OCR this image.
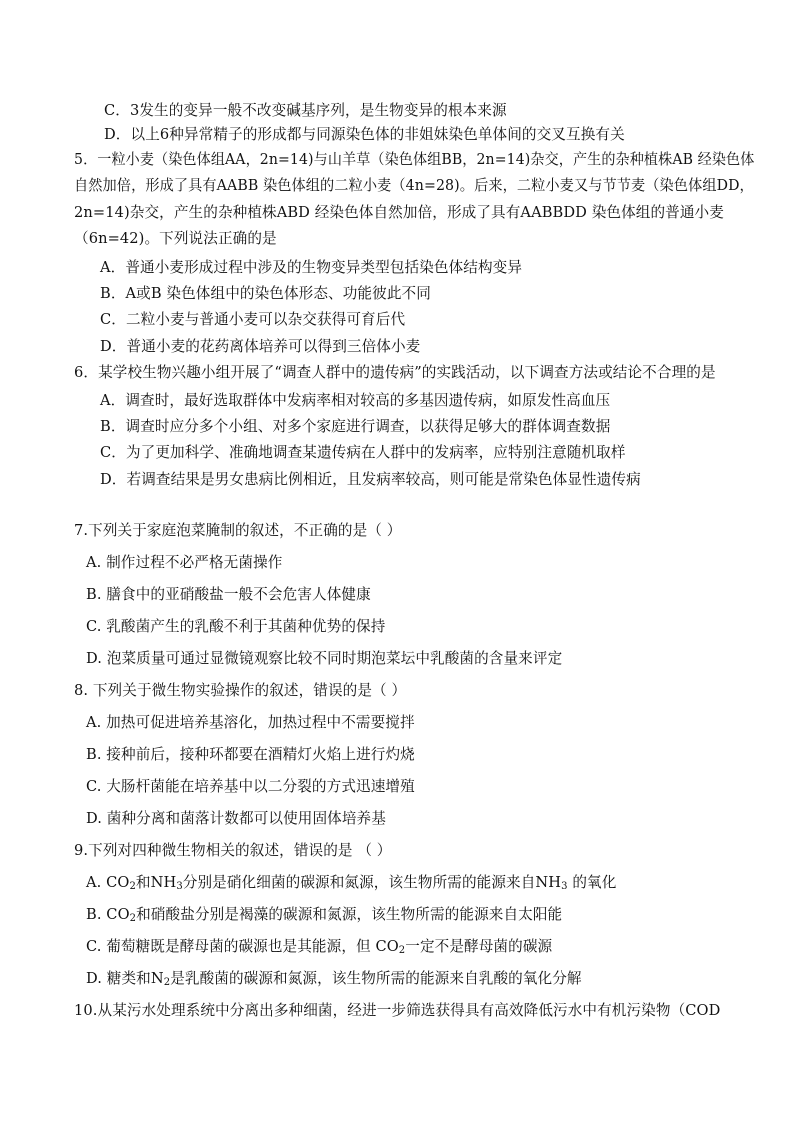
C．3发生的变异一般不改变碱基序列，是生物变异的根本来源
D．以上6种异常精子的形成都与同源染色体的非姐妹染色单体间的交叉互换有关
5．一粒小麦（染色体组AA，2n=14)与山羊草（染色体组BB，2n=14)杂交，产生的杂种植株AB 经染色体
自然加倍，形成了具有AABB 染色体组的二粒小麦（4n=28)。后来，二粒小麦又与节节麦（染色体组DD，
2n=14)杂交，产生的杂种植株ABD 经染色体自然加倍，形成了具有AABBDD 染色体组的普通小麦
（6n=42)。下列说法正确的是
A．普通小麦形成过程中涉及的生物变异类型包括染色体结构变异
B．A或B 染色体组中的染色体形态、功能彼此不同
C．二粒小麦与普通小麦可以杂交获得可育后代
D．普通小麦的花药离体培养可以得到三倍体小麦
6．某学校生物兴趣小组开展了“调查人群中的遗传病”的实践活动，以下调查方法或结论不合理的是
A．调查时，最好选取群体中发病率相对较高的多基因遗传病，如原发性高血压
B．调查时应分多个小组、对多个家庭进行调查，以获得足够大的群体调查数据
C．为了更加科学、准确地调查某遗传病在人群中的发病率，应特别注意随机取样
D．若调查结果是男女患病比例相近，且发病率较高，则可能是常染色体显性遗传病
7.下列关于家庭泡菜腌制的叙述，不正确的是（ ）
A. 制作过程不必严格无菌操作
B. 膳食中的亚硝酸盐一般不会危害人体健康
C. 乳酸菌产生的乳酸不利于其菌种优势的保持
D. 泡菜质量可通过显微镜观察比较不同时期泡菜坛中乳酸菌的含量来评定
8. 下列关于微生物实验操作的叙述，错误的是（ ）
A. 加热可促进培养基溶化，加热过程中不需要搅拌
B. 接种前后，接种环都要在酒精灯火焰上进行灼烧
C. 大肠杆菌能在培养基中以二分裂的方式迅速增殖
D. 菌种分离和菌落计数都可以使用固体培养基
9.下列对四种微生物相关的叙述，错误的是 （ ）
A. $CO_2$和$NH_3$分别是硝化细菌的碳源和氮源，该生物所需的能源来自$NH_3$ 的氧化
B. $CO_2$和硝酸盐分别是褐藻的碳源和氮源，该生物所需的能源来自太阳能
C. 葡萄糖既是酵母菌的碳源也是其能源，但 $CO_2$一定不是酵母菌的碳源
D. 糖类和$N_2$是乳酸菌的碳源和氮源，该生物所需的能源来自乳酸的氧化分解
10.从某污水处理系统中分离出多种细菌，经进一步筛选获得具有高效降低污水中有机污染物（COD
